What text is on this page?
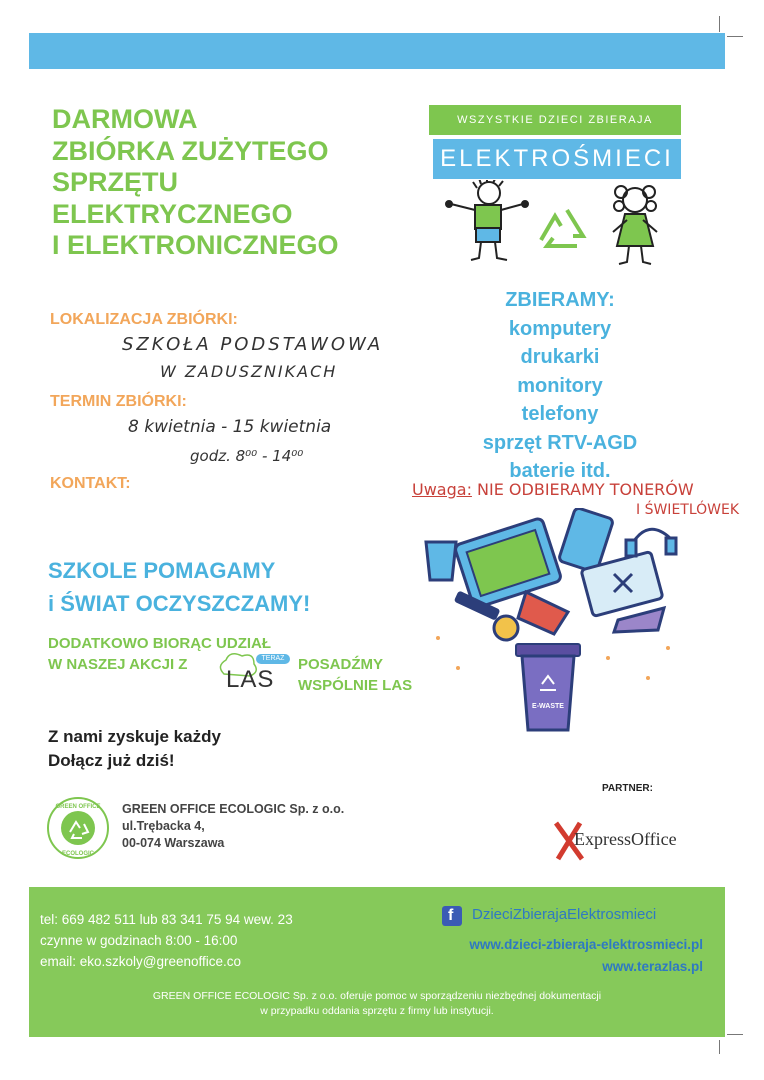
DARMOWA
ZBIÓRKA ZUŻYTEGO
SPRZĘTU
ELEKTRYCZNEGO
I ELEKTRONICZNEGO
WSZYSTKIE DZIECI ZBIERAJA
ELEKTROŚMIECI
LOKALIZACJA ZBIÓRKI:
SZKOŁA PODSTAWOWA
W ZADUSZNIKACH
TERMIN ZBIÓRKI:
8 kwietnia - 15 kwietnia
godz. 8⁰⁰ - 14⁰⁰
KONTAKT:
ZBIERAMY:
komputery
drukarki
monitory
telefony
sprzęt RTV-AGD
baterie itd.
Uwaga: NIE ODBIERAMY TONERÓW
I ŚWIETLÓWEK
E-WASTE
SZKOLE POMAGAMY
i ŚWIAT OCZYSZCZAMY!
DODATKOWO BIORĄC UDZIAŁ
W NASZEJ AKCJI Z	TERAZ
LAS
POSADŹMY
WSPÓLNIE LAS
Z nami zyskuje każdy
Dołącz już dziś!
GREEN OFFICE
ECOLOGIC
GREEN OFFICE ECOLOGIC Sp. z o.o.
ul.Trębacka 4,
00-074 Warszawa
PARTNER:
ExpressOffice
tel: 669 482 511 lub 83 341 75 94 wew. 23
czynne w godzinach 8:00 - 16:00
email: eko.szkoly@greenoffice.co
f DzieciZbierajaElektrosmieci
www.dzieci-zbieraja-elektrosmieci.pl
www.terazlas.pl
GREEN OFFICE ECOLOGIC Sp. z o.o. oferuje pomoc w sporządzeniu niezbędnej dokumentacji
w przypadku oddania sprzętu z firmy lub instytucji.
